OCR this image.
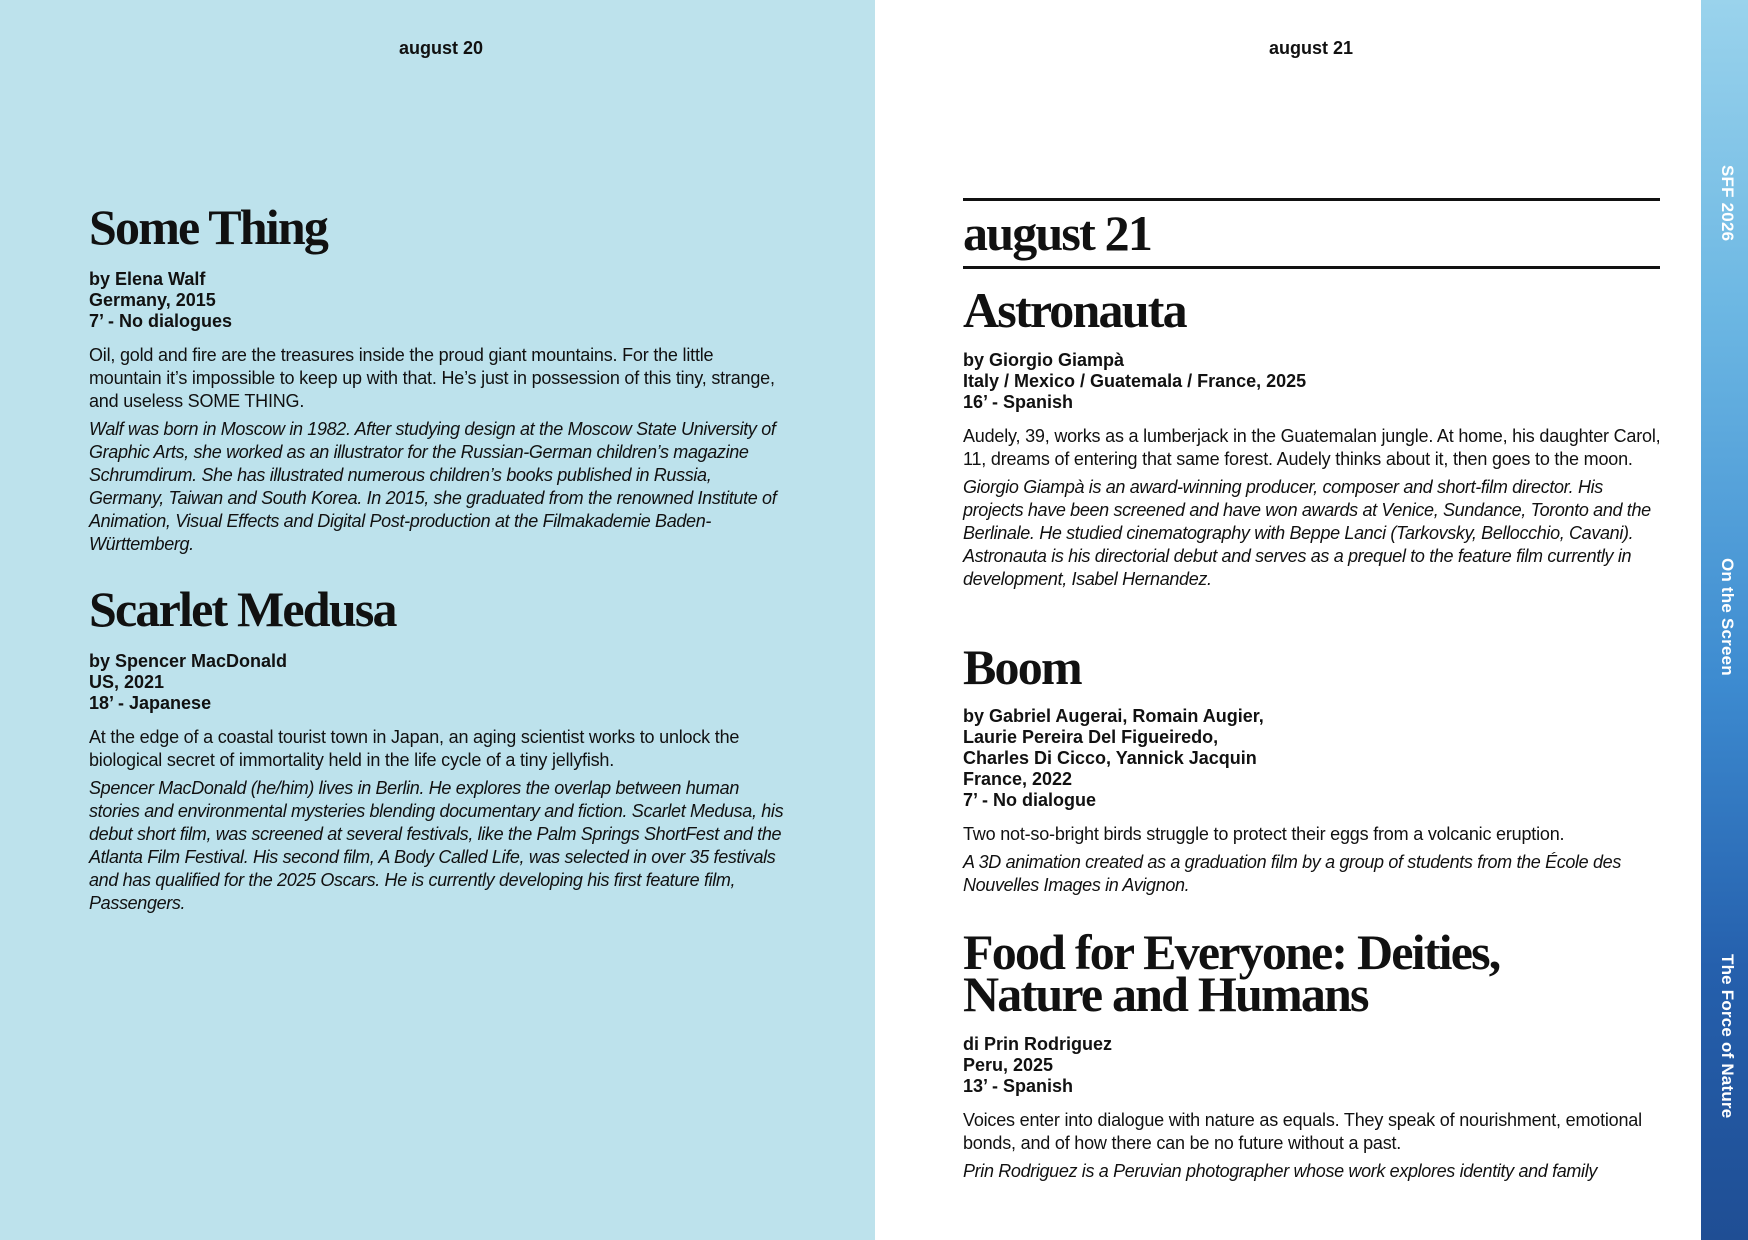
SFF 2026
On the Screen
The Force of Nature
august 20	august 21
Some Thing

by Elena Walf

Germany, 2015

7’ - No dialogues

Oil, gold and fire are the treasures inside the proud giant mountains. For the little mountain it’s impossible to keep up with that. He’s just in possession of this tiny, strange, and useless SOME THING.

Walf was born in Moscow in 1982. After studying design at the Moscow State University of Graphic Arts, she worked as an illustrator for the Russian-German children’s magazine Schrumdirum. She has illustrated numerous children’s books published in Russia, Germany, Taiwan and South Korea. In 2015, she graduated from the renowned Institute of Animation, Visual Effects and Digital Post-production at the Filmakademie Baden-Württemberg.

Scarlet Medusa

by Spencer MacDonald

US, 2021

18’ - Japanese

At the edge of a coastal tourist town in Japan, an aging scientist works to unlock the biological secret of immortality held in the life cycle of a tiny jellyfish.

Spencer MacDonald (he/him) lives in Berlin. He explores the overlap between human stories and environmental mysteries blending documentary and fiction. Scarlet Medusa, his debut short film, was screened at several festivals, like the Palm Springs ShortFest and the Atlanta Film Festival. His second film, A Body Called Life, was selected in over 35 festivals and has qualified for the 2025 Oscars. He is currently developing his first feature film, Passengers.

august 21
Astronauta

by Giorgio Giampà

Italy / Mexico / Guatemala / France, 2025

16’ - Spanish

Audely, 39, works as a lumberjack in the Guatemalan jungle. At home, his daughter Carol, 11, dreams of entering that same forest. Audely thinks about it, then goes to the moon.

Giorgio Giampà is an award-winning producer, composer and short-film director. His projects have been screened and have won awards at Venice, Sundance, Toronto and the Berlinale. He studied cinematography with Beppe Lanci (Tarkovsky, Bellocchio, Cavani). Astronauta is his directorial debut and serves as a prequel to the feature film currently in development, Isabel Hernandez.

Boom

by Gabriel Augerai, Romain Augier,

Laurie Pereira Del Figueiredo,

Charles Di Cicco, Yannick Jacquin

France, 2022

7’ - No dialogue

Two not-so-bright birds struggle to protect their eggs from a volcanic eruption.

A 3D animation created as a graduation film by a group of students from the École des Nouvelles Images in Avignon.

Food for Everyone: Deities,
Nature and Humans

di Prin Rodriguez

Peru, 2025

13’ - Spanish

Voices enter into dialogue with nature as equals. They speak of nourishment, emotional bonds, and of how there can be no future without a past.

Prin Rodriguez is a Peruvian photographer whose work explores identity and family
